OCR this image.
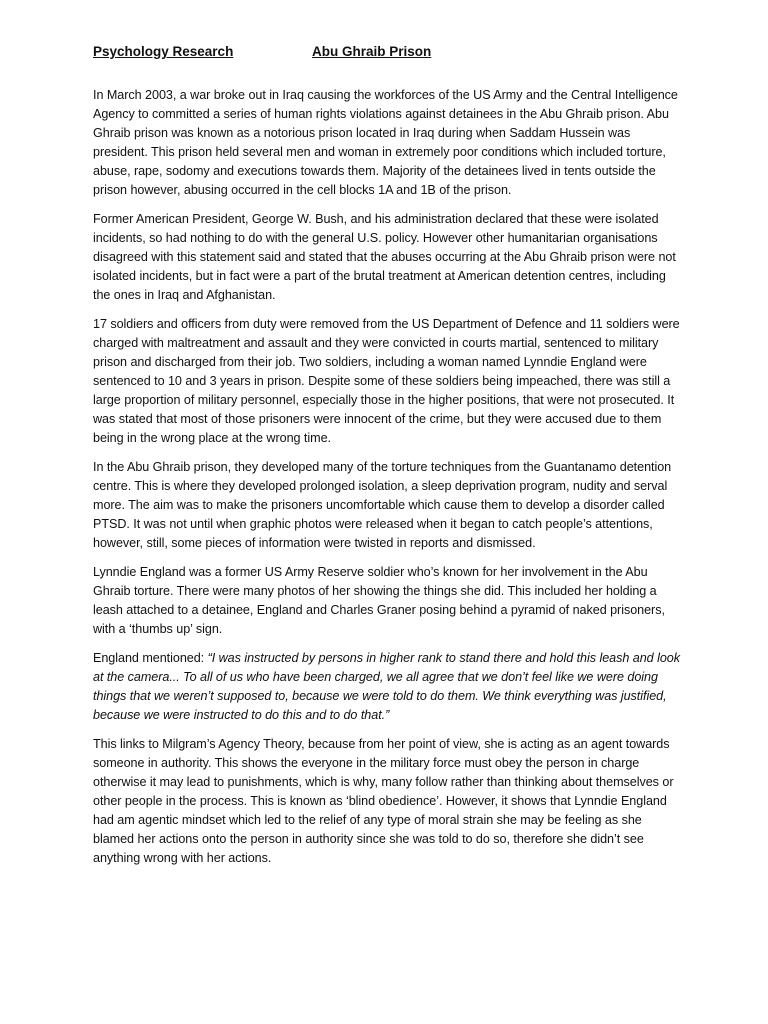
Psychology Research	Abu Ghraib Prison

In March 2003, a war broke out in Iraq causing the workforces of the US Army and the Central Intelligence Agency to committed a series of human rights violations against detainees in the Abu Ghraib prison. Abu Ghraib prison was known as a notorious prison located in Iraq during when Saddam Hussein was president. This prison held several men and woman in extremely poor conditions which included torture, abuse, rape, sodomy and executions towards them. Majority of the detainees lived in tents outside the prison however, abusing occurred in the cell blocks 1A and 1B of the prison.

Former American President, George W. Bush, and his administration declared that these were isolated incidents, so had nothing to do with the general U.S. policy. However other humanitarian organisations disagreed with this statement said and stated that the abuses occurring at the Abu Ghraib prison were not isolated incidents, but in fact were a part of the brutal treatment at American detention centres, including the ones in Iraq and Afghanistan.

17 soldiers and officers from duty were removed from the US Department of Defence and 11 soldiers were charged with maltreatment and assault and they were convicted in courts martial, sentenced to military prison and discharged from their job. Two soldiers, including a woman named Lynndie England were sentenced to 10 and 3 years in prison. Despite some of these soldiers being impeached, there was still a large proportion of military personnel, especially those in the higher positions, that were not prosecuted. It was stated that most of those prisoners were innocent of the crime, but they were accused due to them being in the wrong place at the wrong time.

In the Abu Ghraib prison, they developed many of the torture techniques from the Guantanamo detention centre. This is where they developed prolonged isolation, a sleep deprivation program, nudity and serval more. The aim was to make the prisoners uncomfortable which cause them to develop a disorder called PTSD. It was not until when graphic photos were released when it began to catch people’s attentions, however, still, some pieces of information were twisted in reports and dismissed.

Lynndie England was a former US Army Reserve soldier who’s known for her involvement in the Abu Ghraib torture. There were many photos of her showing the things she did. This included her holding a leash attached to a detainee, England and Charles Graner posing behind a pyramid of naked prisoners, with a ‘thumbs up’ sign.

England mentioned: “I was instructed by persons in higher rank to stand there and hold this leash and look at the camera... To all of us who have been charged, we all agree that we don’t feel like we were doing things that we weren’t supposed to, because we were told to do them. We think everything was justified, because we were instructed to do this and to do that.”

This links to Milgram’s Agency Theory, because from her point of view, she is acting as an agent towards someone in authority. This shows the everyone in the military force must obey the person in charge otherwise it may lead to punishments, which is why, many follow rather than thinking about themselves or other people in the process. This is known as ‘blind obedience’. However, it shows that Lynndie England had am agentic mindset which led to the relief of any type of moral strain she may be feeling as she blamed her actions onto the person in authority since she was told to do so, therefore she didn’t see anything wrong with her actions.
